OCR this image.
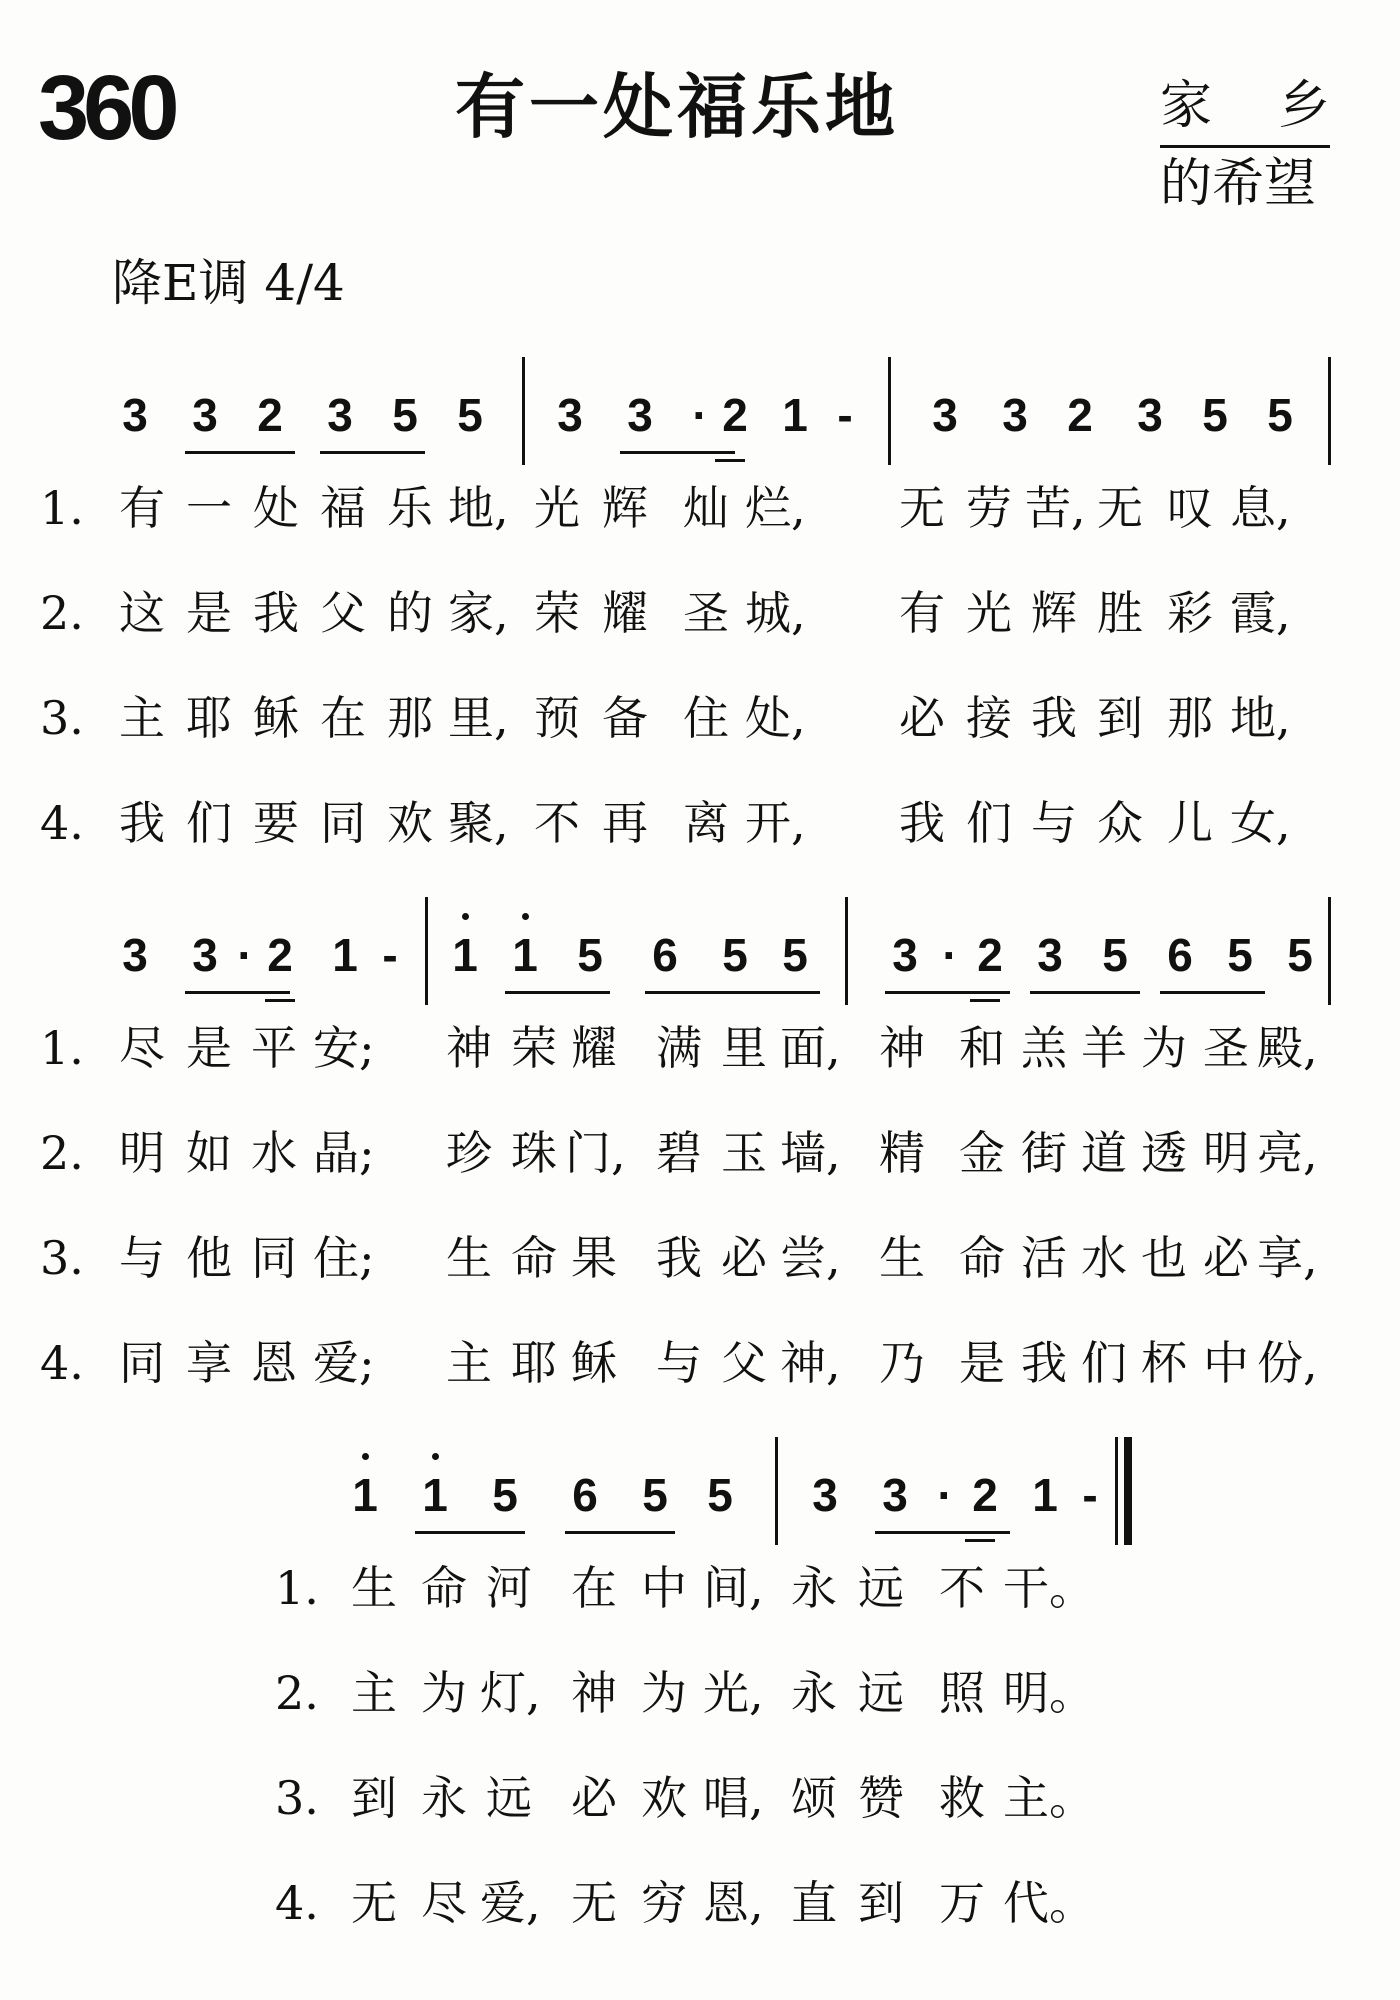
360	有一处福乐地	家 乡
的希望
降E调 4/4
3 3 2 3 5 5 3 3 · 2 1 -	3 3 2 3 5 5
1. 有 一 处 福 乐 地, 光 辉 灿 烂, 无 劳 苦, 无 叹 息,
2. 这 是 我 父 的 家, 荣 耀 圣 城, 有 光 辉 胜 彩 霞,
3. 主 耶 稣 在 那 里, 预 备 住 处, 必 接 我 到 那 地,
4. 我 们 要 同 欢 聚, 不 再 离 开, 我 们 与 众 儿 女,
3 3 · 2 1 -	1 1 5 6 5 5 3 · 2 3 5 6 5 5
1. 尽 是 平 安; 神 荣 耀 满 里 面, 神 和 羔 羊 为 圣 殿,
2. 明 如 水 晶; 珍 珠 门, 碧 玉 墙, 精 金 街 道 透 明 亮,
3. 与 他 同 住; 生 命 果 我 必 尝, 生 命 活 水 也 必 享,
4. 同 享 恩 爱; 主 耶 稣 与 父 神, 乃 是 我 们 杯 中 份,
1 1 5 6 5 5 3 3 · 2 1 -
1. 生 命 河 在 中 间, 永 远 不 干。
2. 主 为 灯, 神 为 光, 永 远 照 明。
3. 到 永 远 必 欢 唱, 颂 赞 救 主。
4. 无 尽 爱, 无 穷 恩, 直 到 万 代。
